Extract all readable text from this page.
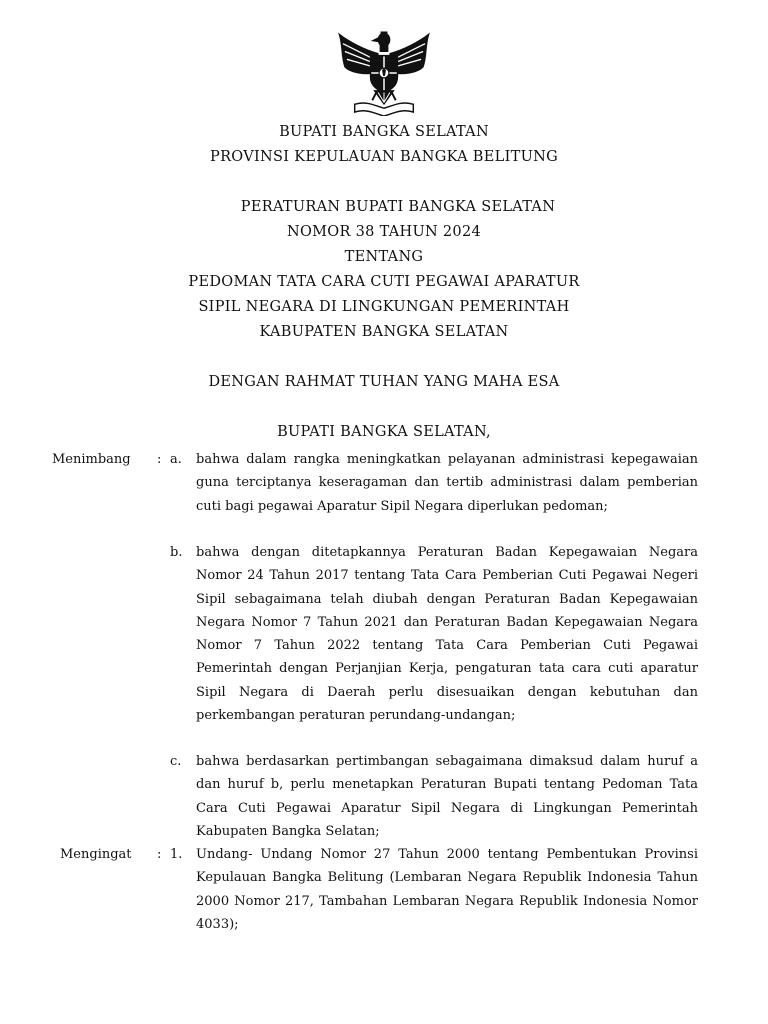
BUPATI BANGKA SELATAN
PROVINSI KEPULAUAN BANGKA BELITUNG
PERATURAN BUPATI BANGKA SELATAN
NOMOR 38 TAHUN 2024
TENTANG
PEDOMAN TATA CARA CUTI PEGAWAI APARATUR
SIPIL NEGARA DI LINGKUNGAN PEMERINTAH
KABUPATEN BANGKA SELATAN
DENGAN RAHMAT TUHAN YANG MAHA ESA
BUPATI BANGKA SELATAN,
Menimbang : a. bahwa dalam rangka meningkatkan pelayanan administrasi kepegawaian guna terciptanya keseragaman dan tertib administrasi dalam pemberian cuti bagi pegawai Aparatur Sipil Negara diperlukan pedoman;

b. bahwa dengan ditetapkannya Peraturan Badan Kepegawaian Negara Nomor 24 Tahun 2017 tentang Tata Cara Pemberian Cuti Pegawai Negeri Sipil sebagaimana telah diubah dengan Peraturan Badan Kepegawaian Negara Nomor 7 Tahun 2021 dan Peraturan Badan Kepegawaian Negara Nomor 7 Tahun 2022 tentang Tata Cara Pemberian Cuti Pegawai Pemerintah dengan Perjanjian Kerja, pengaturan tata cara cuti aparatur Sipil Negara di Daerah perlu disesuaikan dengan kebutuhan dan perkembangan peraturan perundang-undangan;

c. bahwa berdasarkan pertimbangan sebagaimana dimaksud dalam huruf a dan huruf b, perlu menetapkan Peraturan Bupati tentang Pedoman Tata Cara Cuti Pegawai Aparatur Sipil Negara di Lingkungan Pemerintah Kabupaten Bangka Selatan;

Mengingat : 1. Undang- Undang Nomor 27 Tahun 2000 tentang Pembentukan Provinsi Kepulauan Bangka Belitung (Lembaran Negara Republik Indonesia Tahun 2000 Nomor 217, Tambahan Lembaran Negara Republik Indonesia Nomor 4033);
